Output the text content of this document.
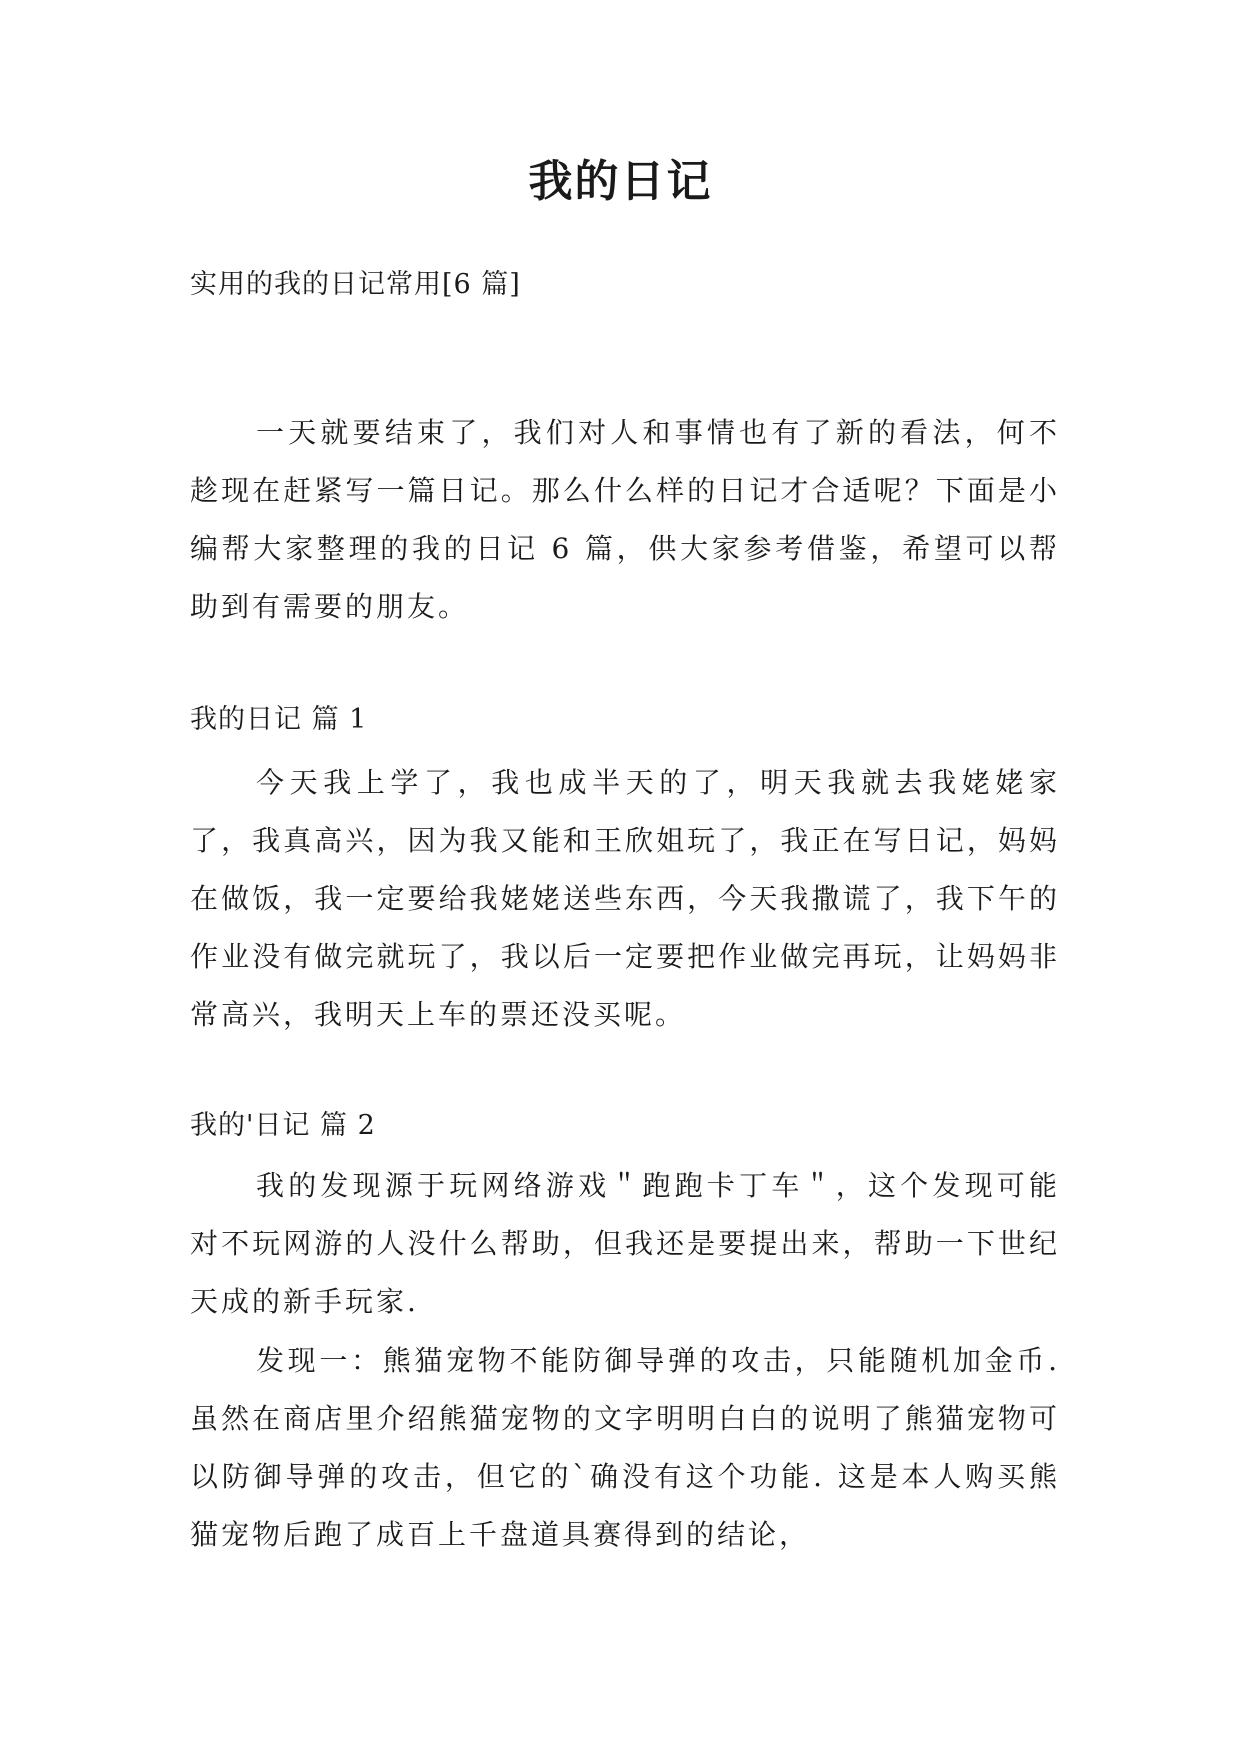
我的日记
实用的我的日记常用[6 篇]

一天就要结束了，我们对人和事情也有了新的看法，何不趁现在赶紧写一篇日记。那么什么样的日记才合适呢？下面是小编帮大家整理的我的日记 6 篇，供大家参考借鉴，希望可以帮助到有需要的朋友。

我的日记 篇 1

今天我上学了，我也成半天的了，明天我就去我姥姥家了，我真高兴，因为我又能和王欣姐玩了，我正在写日记，妈妈在做饭，我一定要给我姥姥送些东西，今天我撒谎了，我下午的作业没有做完就玩了，我以后一定要把作业做完再玩，让妈妈非常高兴，我明天上车的票还没买呢。

我的'日记 篇 2

我的发现源于玩网络游戏＂跑跑卡丁车＂，这个发现可能对不玩网游的人没什么帮助，但我还是要提出来，帮助一下世纪天成的新手玩家.

发现一：熊猫宠物不能防御导弹的攻击，只能随机加金币. 虽然在商店里介绍熊猫宠物的文字明明白白的说明了熊猫宠物可以防御导弹的攻击，但它的`确没有这个功能. 这是本人购买熊猫宠物后跑了成百上千盘道具赛得到的结论，
